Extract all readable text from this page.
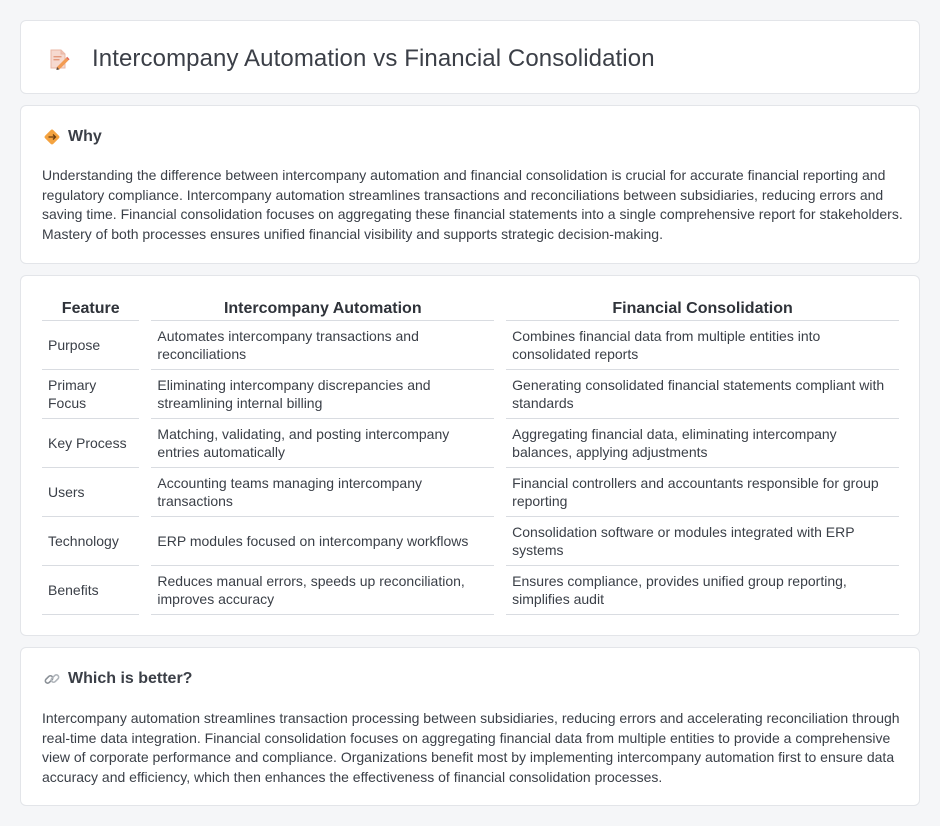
Intercompany Automation vs Financial Consolidation
Why

Understanding the difference between intercompany automation and financial consolidation is crucial for accurate financial reporting and regulatory compliance. Intercompany automation streamlines transactions and reconciliations between subsidiaries, reducing errors and saving time. Financial consolidation focuses on aggregating these financial statements into a single comprehensive report for stakeholders. Mastery of both processes ensures unified financial visibility and supports strategic decision-making.

Feature		Intercompany Automation		Financial Consolidation
Purpose		Automates intercompany transactions and reconciliations		Combines financial data from multiple entities into consolidated reports
Primary Focus		Eliminating intercompany discrepancies and streamlining internal billing		Generating consolidated financial statements compliant with standards
Key Process		Matching, validating, and posting intercompany entries automatically		Aggregating financial data, eliminating intercompany balances, applying adjustments
Users		Accounting teams managing intercompany transactions		Financial controllers and accountants responsible for group reporting
Technology		ERP modules focused on intercompany workflows		Consolidation software or modules integrated with ERP systems
Benefits		Reduces manual errors, speeds up reconciliation, improves accuracy		Ensures compliance, provides unified group reporting, simplifies audit
Which is better?

Intercompany automation streamlines transaction processing between subsidiaries, reducing errors and accelerating reconciliation through real-time data integration. Financial consolidation focuses on aggregating financial data from multiple entities to provide a comprehensive view of corporate performance and compliance. Organizations benefit most by implementing intercompany automation first to ensure data accuracy and efficiency, which then enhances the effectiveness of financial consolidation processes.
